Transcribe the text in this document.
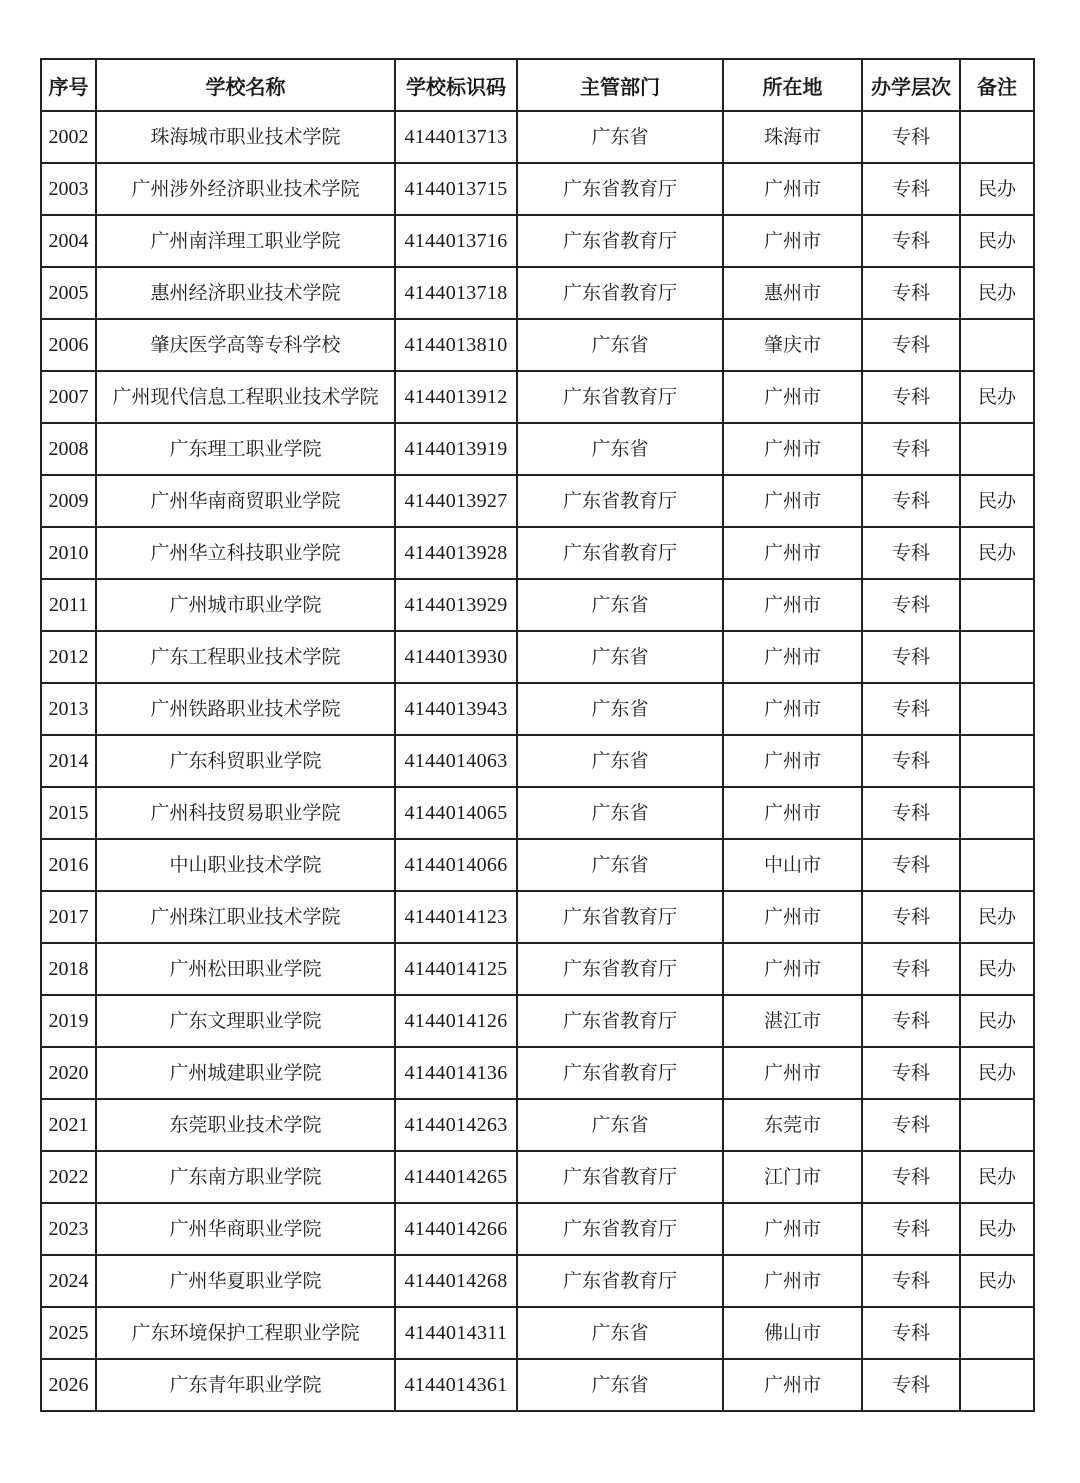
序号	学校名称	学校标识码	主管部门	所在地	办学层次	备注
2002	珠海城市职业技术学院	4144013713	广东省	珠海市	专科	
2003	广州涉外经济职业技术学院	4144013715	广东省教育厅	广州市	专科	民办
2004	广州南洋理工职业学院	4144013716	广东省教育厅	广州市	专科	民办
2005	惠州经济职业技术学院	4144013718	广东省教育厅	惠州市	专科	民办
2006	肇庆医学高等专科学校	4144013810	广东省	肇庆市	专科	
2007	广州现代信息工程职业技术学院	4144013912	广东省教育厅	广州市	专科	民办
2008	广东理工职业学院	4144013919	广东省	广州市	专科	
2009	广州华南商贸职业学院	4144013927	广东省教育厅	广州市	专科	民办
2010	广州华立科技职业学院	4144013928	广东省教育厅	广州市	专科	民办
2011	广州城市职业学院	4144013929	广东省	广州市	专科	
2012	广东工程职业技术学院	4144013930	广东省	广州市	专科	
2013	广州铁路职业技术学院	4144013943	广东省	广州市	专科	
2014	广东科贸职业学院	4144014063	广东省	广州市	专科	
2015	广州科技贸易职业学院	4144014065	广东省	广州市	专科	
2016	中山职业技术学院	4144014066	广东省	中山市	专科	
2017	广州珠江职业技术学院	4144014123	广东省教育厅	广州市	专科	民办
2018	广州松田职业学院	4144014125	广东省教育厅	广州市	专科	民办
2019	广东文理职业学院	4144014126	广东省教育厅	湛江市	专科	民办
2020	广州城建职业学院	4144014136	广东省教育厅	广州市	专科	民办
2021	东莞职业技术学院	4144014263	广东省	东莞市	专科	
2022	广东南方职业学院	4144014265	广东省教育厅	江门市	专科	民办
2023	广州华商职业学院	4144014266	广东省教育厅	广州市	专科	民办
2024	广州华夏职业学院	4144014268	广东省教育厅	广州市	专科	民办
2025	广东环境保护工程职业学院	4144014311	广东省	佛山市	专科	
2026	广东青年职业学院	4144014361	广东省	广州市	专科	
